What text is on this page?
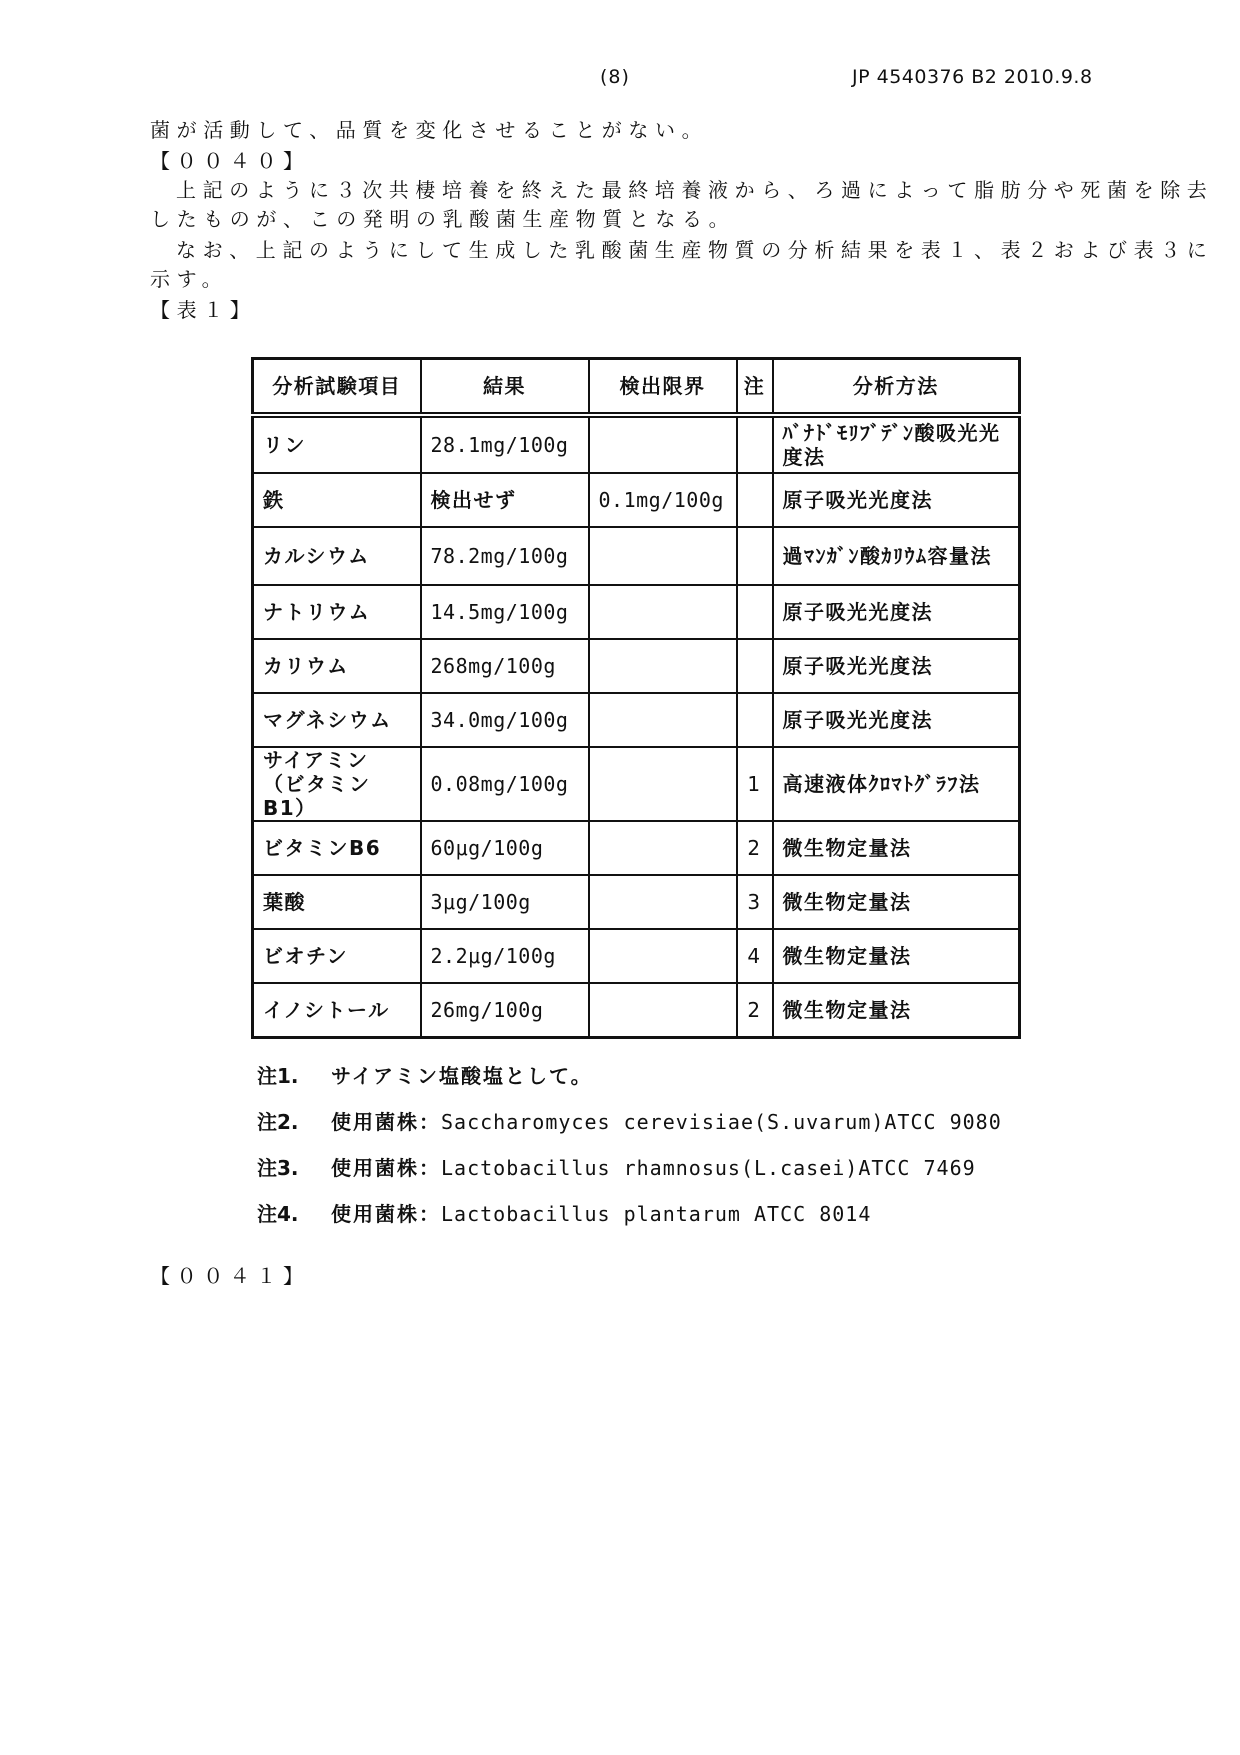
(8)	JP 4540376 B2 2010.9.8
菌が活動して、品質を変化させることがない。
【００４０】
上記のように３次共棲培養を終えた最終培養液から、ろ過によって脂肪分や死菌を除去
したものが、この発明の乳酸菌生産物質となる。
なお、上記のようにして生成した乳酸菌生産物質の分析結果を表１、表２および表３に
示す。
【表１】
分析試験項目	結果	検出限界	注	分析方法
リン	28.1mg/100g			ﾊﾞﾅﾄﾞﾓﾘﾌﾞﾃﾞﾝ酸吸光光度法
鉄	検出せず	0.1mg/100g		原子吸光光度法
カルシウム	78.2mg/100g			過ﾏﾝｶﾞﾝ酸ｶﾘｳﾑ容量法
ナトリウム	14.5mg/100g			原子吸光光度法
カリウム	268mg/100g			原子吸光光度法
マグネシウム	34.0mg/100g			原子吸光光度法
サイアミン（ビタミンB1）	0.08mg/100g		1	高速液体ｸﾛﾏﾄｸﾞﾗﾌ法
ビタミンB6	60μg/100g		2	微生物定量法
葉酸	3μg/100g		3	微生物定量法
ビオチン	2.2μg/100g		4	微生物定量法
イノシトール	26mg/100g		2	微生物定量法
注1. サイアミン塩酸塩として。
注2. 使用菌株：Saccharomyces cerevisiae(S.uvarum)ATCC 9080
注3. 使用菌株：Lactobacillus rhamnosus(L.casei)ATCC 7469
注4. 使用菌株：Lactobacillus plantarum ATCC 8014
【００４１】
